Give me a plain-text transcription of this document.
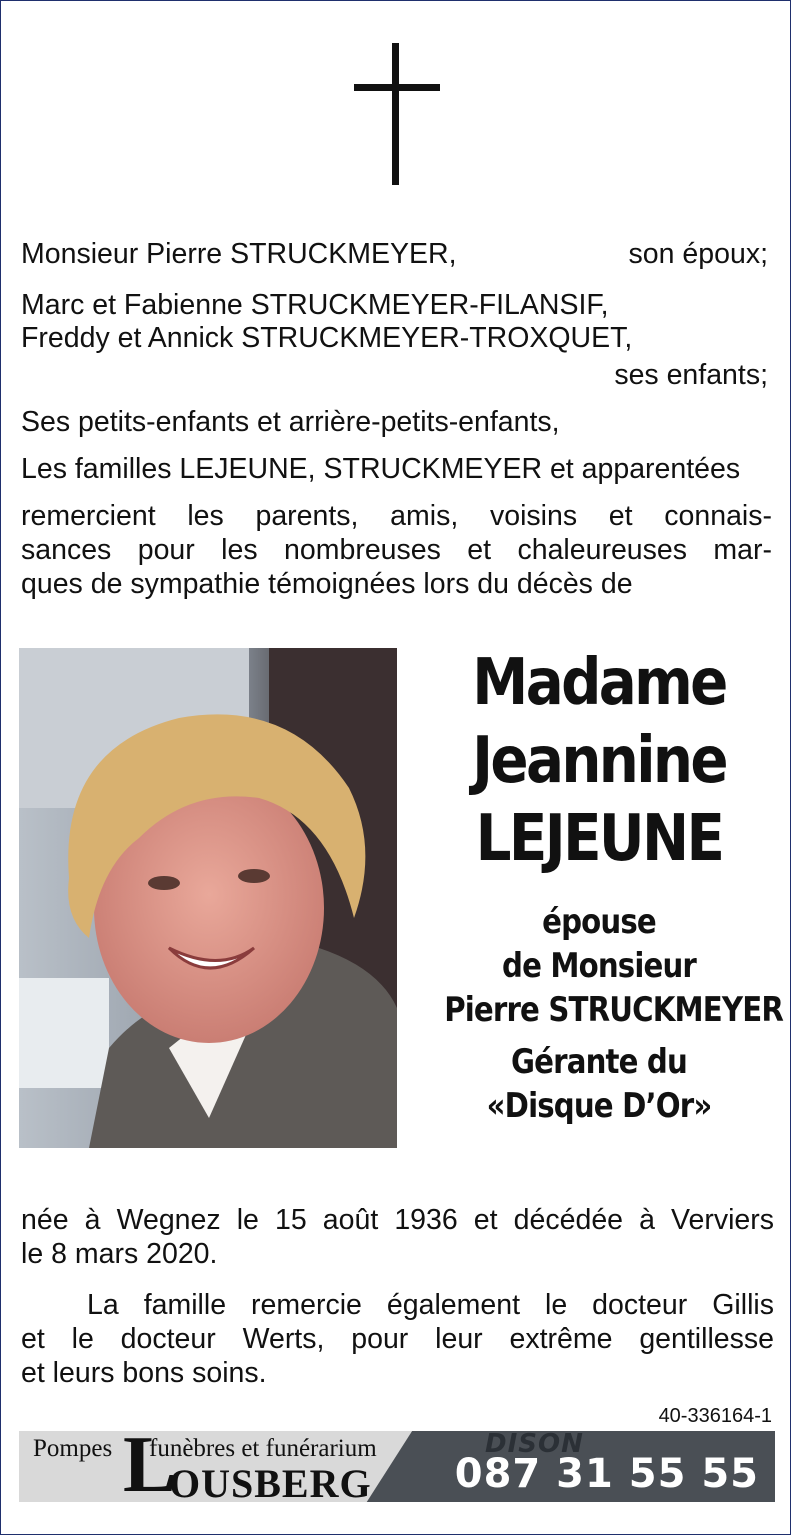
Monsieur Pierre STRUCKMEYER,	son époux;
Marc et Fabienne STRUCKMEYER-FILANSIF,
Freddy et Annick STRUCKMEYER-TROXQUET,
ses enfants;
Ses petits-enfants et arrière-petits-enfants,
Les familles LEJEUNE, STRUCKMEYER et apparentées

remercient les parents, amis, voisins et connais-

sances pour les nombreuses et chaleureuses mar-

ques de sympathie témoignées lors du décès de

Madame
Jeannine
LEJEUNE
épouse
de Monsieur
Pierre STRUCKMEYER
Gérante du
«Disque D’Or»

née à Wegnez le 15 août 1936 et décédée à Verviers

le 8 mars 2020.

La famille remercie également le docteur Gillis

et le docteur Werts, pour leur extrême gentillesse

et leurs bons soins.

40-336164-1
Pompes L
funèbres et funérarium
OUSBERG
DISON
087 31 55 55
